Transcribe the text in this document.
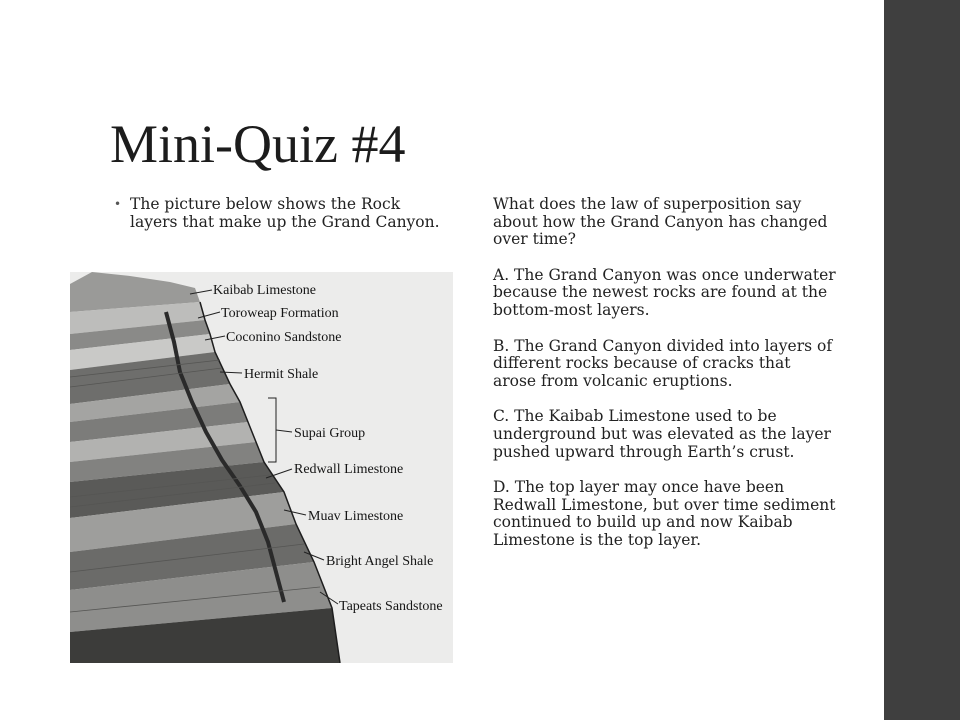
Mini-Quiz #4
• The picture below shows the Rock layers that make up the Grand Canyon.

What does the law of superposition say about how the Grand Canyon has changed over time?

A. The Grand Canyon was once underwater because the newest rocks are found at the bottom-most layers.

B. The Grand Canyon divided into layers of different rocks because of cracks that arose from volcanic eruptions.

C. The Kaibab Limestone used to be underground but was elevated as the layer pushed upward through Earth’s crust.

D. The top layer may once have been Redwall Limestone, but over time sediment continued to build up and now Kaibab Limestone is the top layer.

Kaibab Limestone
Toroweap Formation
Coconino Sandstone
Hermit Shale
Supai Group
Redwall Limestone
Muav Limestone
Bright Angel Shale
Tapeats Sandstone
